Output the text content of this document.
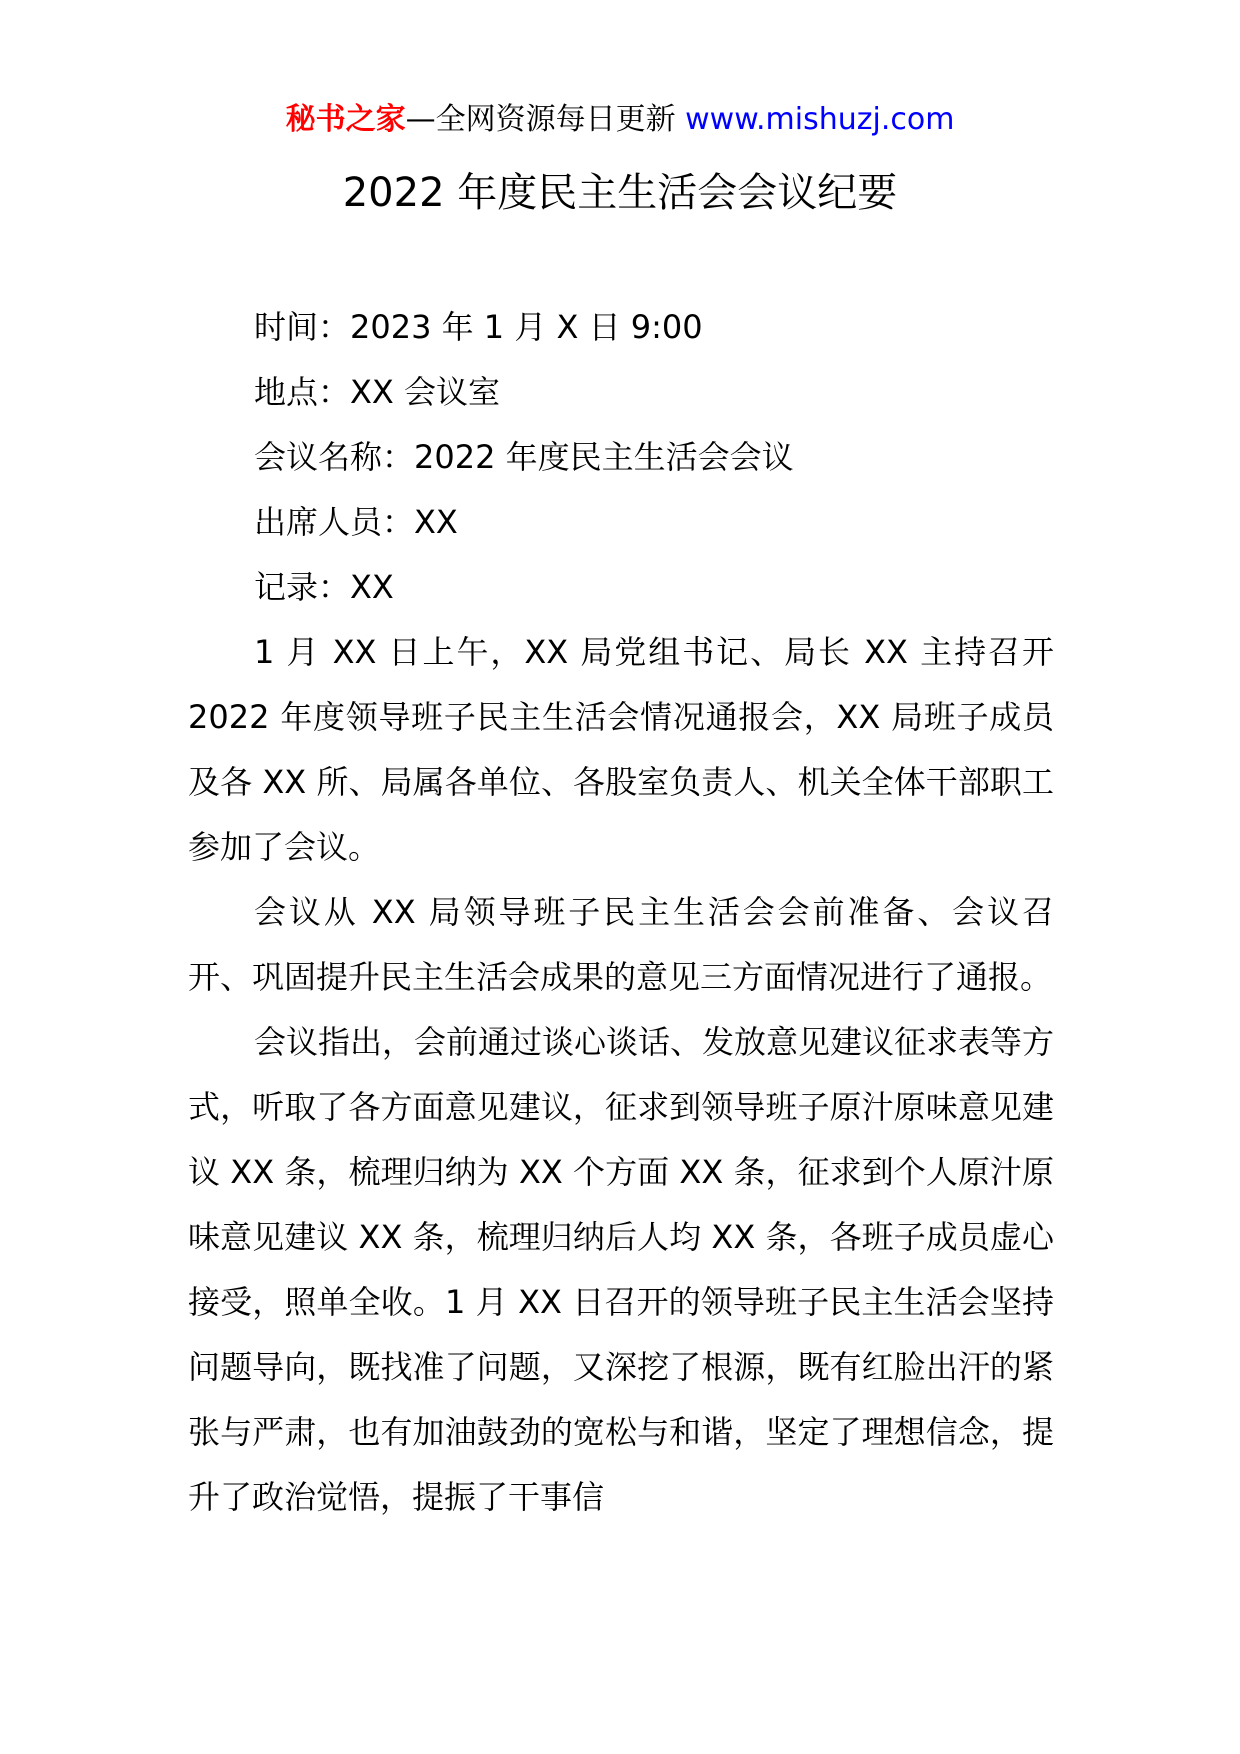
秘书之家—全网资源每日更新 www.mishuzj.com
2022 年度民主生活会会议纪要

时间：2023 年 1 月 X 日 9:00

地点：XX 会议室

会议名称：2022 年度民主生活会会议

出席人员：XX

记录：XX

1 月 XX 日上午，XX 局党组书记、局长 XX 主持召开 2022 年度领导班子民主生活会情况通报会，XX 局班子成员及各 XX 所、局属各单位、各股室负责人、机关全体干部职工参加了会议。

会议从 XX 局领导班子民主生活会会前准备、会议召开、巩固提升民主生活会成果的意见三方面情况进行了通报。

会议指出，会前通过谈心谈话、发放意见建议征求表等方式，听取了各方面意见建议，征求到领导班子原汁原味意见建议 XX 条，梳理归纳为 XX 个方面 XX 条，征求到个人原汁原味意见建议 XX 条，梳理归纳后人均 XX 条，各班子成员虚心接受，照单全收。1 月 XX 日召开的领导班子民主生活会坚持问题导向，既找准了问题，又深挖了根源，既有红脸出汗的紧张与严肃，也有加油鼓劲的宽松与和谐，坚定了理想信念，提升了政治觉悟，提振了干事信
